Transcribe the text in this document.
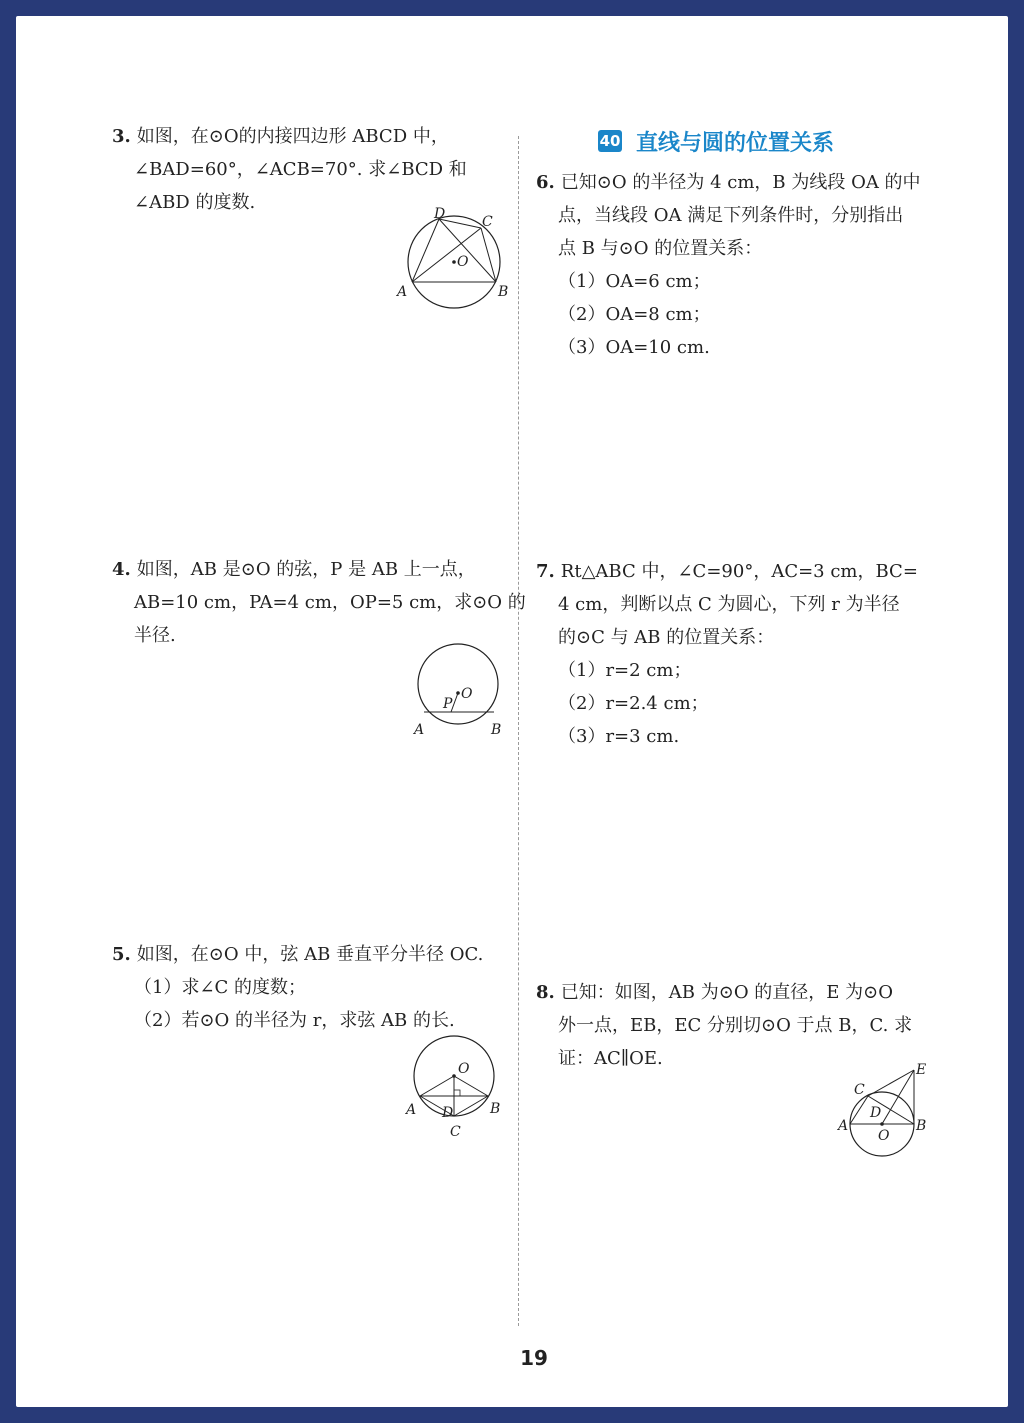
3. 如图，在⊙O的内接四边形 ABCD 中，
∠BAD=60°，∠ACB=70°. 求∠BCD 和
∠ABD 的度数.
D	C
O
A	B
4. 如图，AB 是⊙O 的弦，P 是 AB 上一点，
AB=10 cm，PA=4 cm，OP=5 cm，求⊙O 的
半径.
O
P
A	B
5. 如图，在⊙O 中，弦 AB 垂直平分半径 OC.
（1）求∠C 的度数；
（2）若⊙O 的半径为 r，求弦 AB 的长.
O
A D	B
C
40 直线与圆的位置关系
6. 已知⊙O 的半径为 4 cm，B 为线段 OA 的中
点，当线段 OA 满足下列条件时，分别指出
点 B 与⊙O 的位置关系：
（1）OA=6 cm；
（2）OA=8 cm；
（3）OA=10 cm.
7. Rt△ABC 中，∠C=90°，AC=3 cm，BC=
4 cm，判断以点 C 为圆心，下列 r 为半径
的⊙C 与 AB 的位置关系：
（1）r=2 cm；
（2）r=2.4 cm；
（3）r=3 cm.
8. 已知：如图，AB 为⊙O 的直径，E 为⊙O
外一点，EB，EC 分别切⊙O 于点 B，C. 求
证：AC∥OE.
E
C
D
A
O
B
19
